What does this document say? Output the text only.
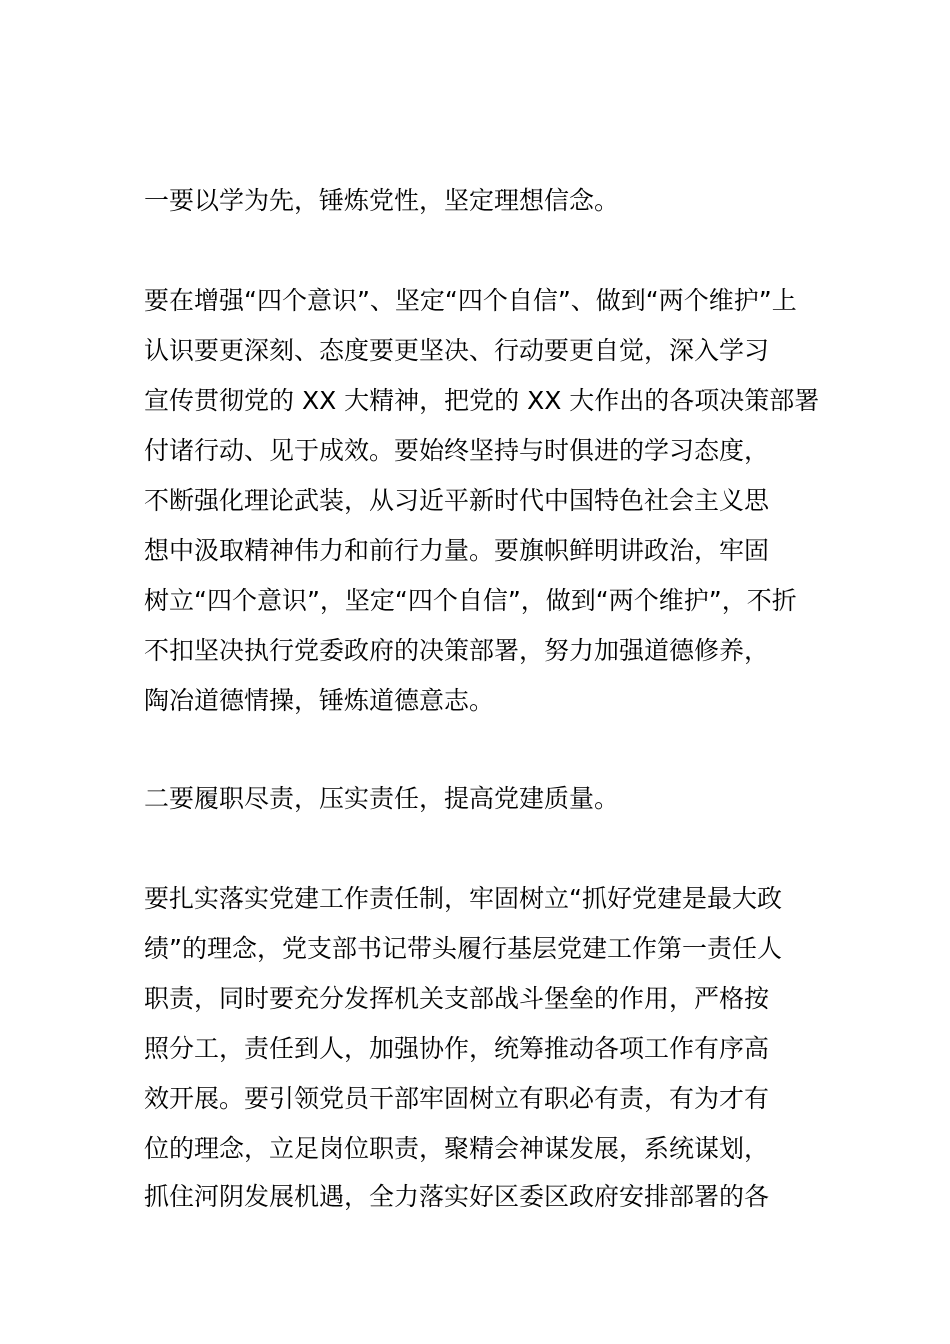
一要以学为先，锤炼党性，坚定理想信念。
要在增强“四个意识”、坚定“四个自信”、做到“两个维护”上
认识要更深刻、态度要更坚决、行动要更自觉，深入学习
宣传贯彻党的 XX 大精神，把党的 XX 大作出的各项决策部署
付诸行动、见于成效。要始终坚持与时俱进的学习态度，
不断强化理论武装，从习近平新时代中国特色社会主义思
想中汲取精神伟力和前行力量。要旗帜鲜明讲政治，牢固
树立“四个意识”，坚定“四个自信”，做到“两个维护”，不折
不扣坚决执行党委政府的决策部署，努力加强道德修养，
陶冶道德情操，锤炼道德意志。
二要履职尽责，压实责任，提高党建质量。
要扎实落实党建工作责任制，牢固树立“抓好党建是最大政
绩”的理念，党支部书记带头履行基层党建工作第一责任人
职责，同时要充分发挥机关支部战斗堡垒的作用，严格按
照分工，责任到人，加强协作，统筹推动各项工作有序高
效开展。要引领党员干部牢固树立有职必有责，有为才有
位的理念，立足岗位职责，聚精会神谋发展，系统谋划，
抓住河阴发展机遇，全力落实好区委区政府安排部署的各
